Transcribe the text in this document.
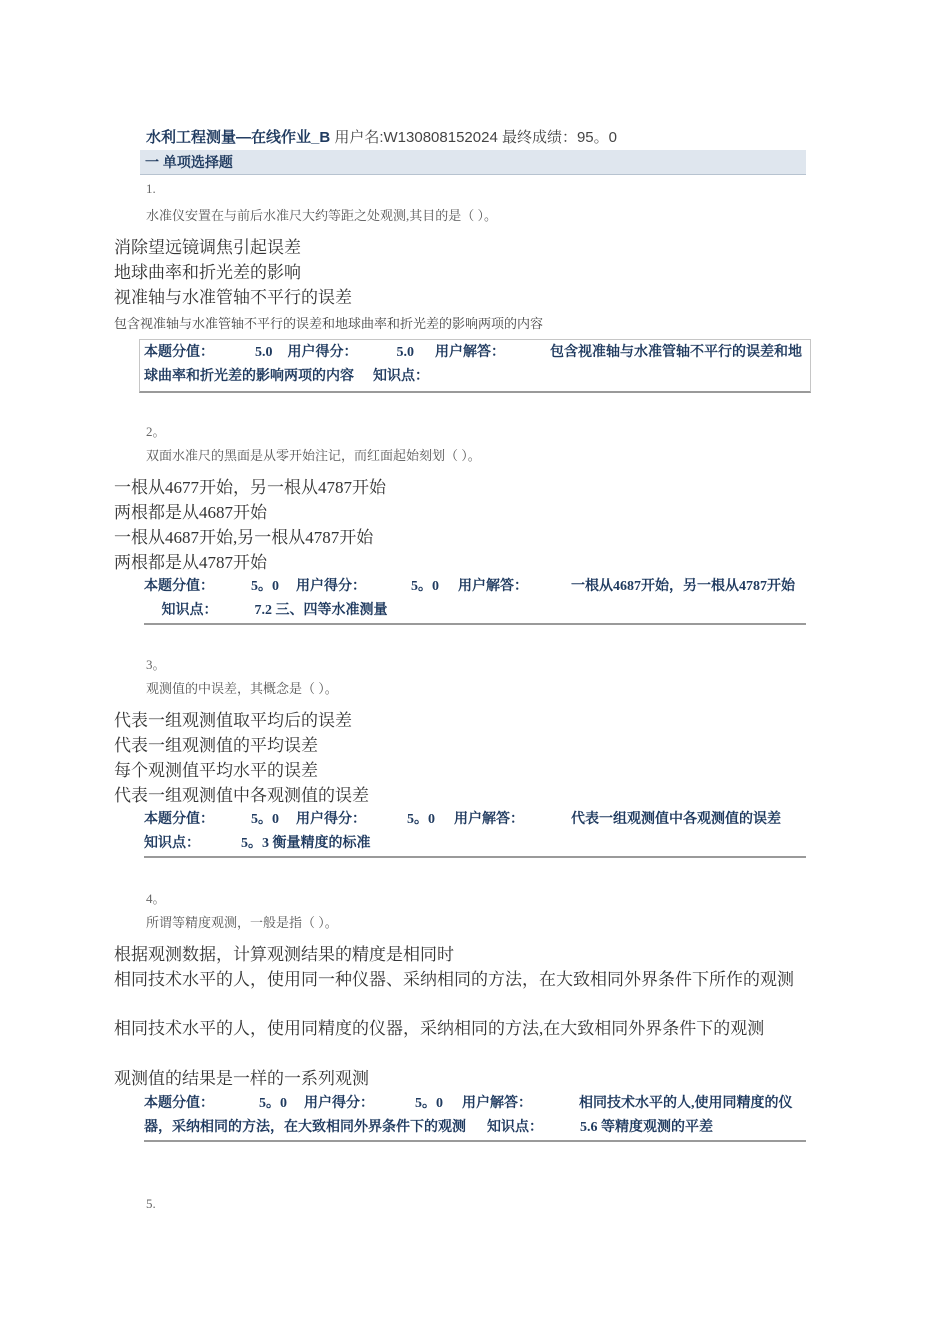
水利工程测量—在线作业_B 用户名:W130808152024 最终成绩：95。0
一 单项选择题
1.
水准仪安置在与前后水准尺大约等距之处观测,其目的是（ ）。
消除望远镜调焦引起误差
地球曲率和折光差的影响
视准轴与水准管轴不平行的误差
包含视准轴与水准管轴不平行的误差和地球曲率和折光差的影响两项的内容
本题分值：	5.0 用户得分：	5.0 用户解答：	包含视准轴与水准管轴不平行的误差和地球曲率和折光差的影响两项的内容 知识点：
2。
双面水准尺的黑面是从零开始注记，而红面起始刻划（ ）。
一根从4677开始，另一根从4787开始
两根都是从4687开始
一根从4687开始,另一根从4787开始
两根都是从4787开始
本题分值：	5。0 用户得分：	5。0 用户解答：	一根从4687开始，另一根从4787开始  知识点：	7.2 三、四等水准测量
3。
观测值的中误差，其概念是（ ）。
代表一组观测值取平均后的误差
代表一组观测值的平均误差
每个观测值平均水平的误差
代表一组观测值中各观测值的误差
本题分值：	5。0 用户得分：	5。0 用户解答：	代表一组观测值中各观测值的误差  知识点：	5。3 衡量精度的标准
4。
所谓等精度观测，一般是指（ ）。
根据观测数据，计算观测结果的精度是相同时
相同技术水平的人，使用同一种仪器、采纳相同的方法，在大致相同外界条件下所作的观测
相同技术水平的人，使用同精度的仪器，采纳相同的方法,在大致相同外界条件下的观测
观测值的结果是一样的一系列观测
本题分值：	5。0 用户得分：	5。0 用户解答：	相同技术水平的人,使用同精度的仪器，采纳相同的方法，在大致相同外界条件下的观测 知识点：	5.6 等精度观测的平差
5.
